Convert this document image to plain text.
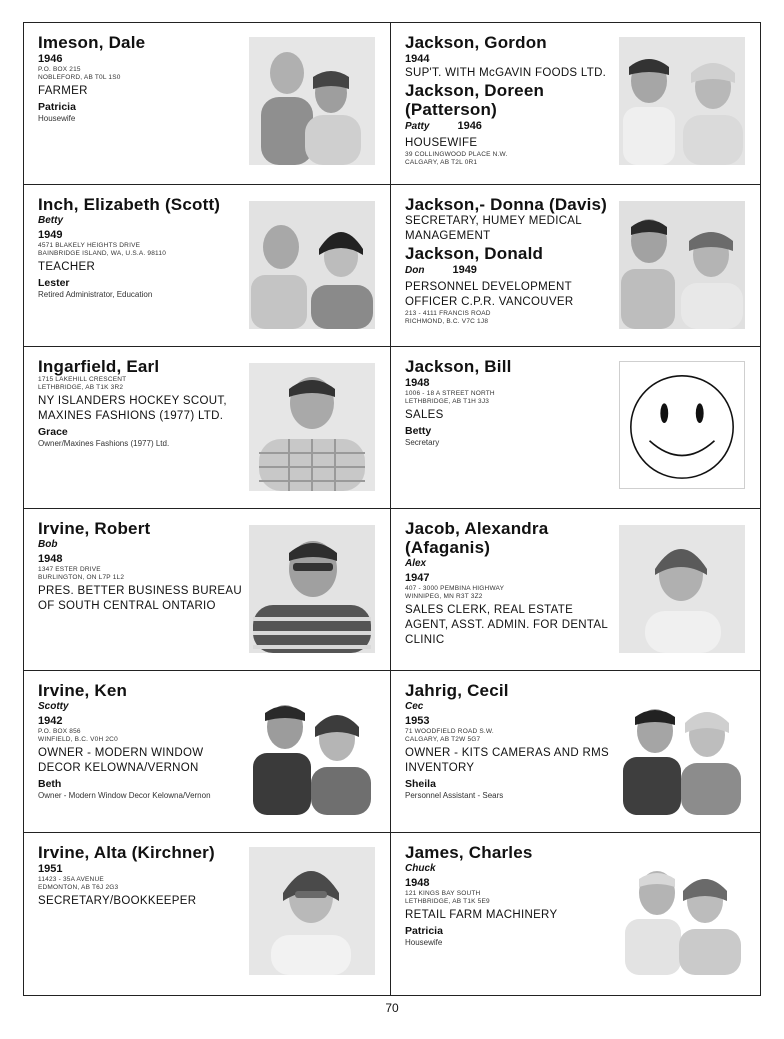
Imeson, Dale
1946
P.O. BOX 215
NOBLEFORD, AB T0L 1S0
FARMER
Patricia
Housewife
Jackson, Gordon
1944
SUP'T. WITH McGAVIN FOODS LTD.
Jackson, Doreen (Patterson)
Patty	1946
HOUSEWIFE
39 COLLINGWOOD PLACE N.W.
CALGARY, AB T2L 0R1
Inch, Elizabeth (Scott)
Betty
1949
4571 BLAKELY HEIGHTS DRIVE
BAINBRIDGE ISLAND, WA, U.S.A. 98110
TEACHER
Lester
Retired Administrator, Education
Jackson,- Donna (Davis)
SECRETARY, HUMEY MEDICAL MANAGEMENT
Jackson, Donald
Don	1949
PERSONNEL DEVELOPMENT OFFICER C.P.R. VANCOUVER
213 - 4111 FRANCIS ROAD
RICHMOND, B.C. V7C 1J8
Ingarfield, Earl
1715 LAKEHILL CRESCENT
LETHBRIDGE, AB T1K 3R2
NY ISLANDERS HOCKEY SCOUT, MAXINES FASHIONS (1977) LTD.
Grace
Owner/Maxines Fashions (1977) Ltd.
Jackson, Bill
1948
1006 - 18 A STREET NORTH
LETHBRIDGE, AB T1H 3J3
SALES
Betty
Secretary
Irvine, Robert
Bob
1948
1347 ESTER DRIVE
BURLINGTON, ON L7P 1L2
PRES. BETTER BUSINESS BUREAU OF SOUTH CENTRAL ONTARIO
Jacob, Alexandra (Afaganis)
Alex
1947
407 - 3000 PEMBINA HIGHWAY
WINNIPEG, MN R3T 3Z2
SALES CLERK, REAL ESTATE AGENT, ASST. ADMIN. FOR DENTAL CLINIC
Irvine, Ken
Scotty
1942
P.O. BOX 856
WINFIELD, B.C. V0H 2C0
OWNER - MODERN WINDOW DECOR KELOWNA/VERNON
Beth
Owner - Modern Window Decor Kelowna/Vernon
Jahrig, Cecil
Cec
1953
71 WOODFIELD ROAD S.W.
CALGARY, AB T2W 5G7
OWNER - KITS CAMERAS AND RMS INVENTORY
Sheila
Personnel Assistant - Sears
Irvine, Alta (Kirchner)
1951
11423 - 35A AVENUE
EDMONTON, AB T6J 2G3
SECRETARY/BOOKKEEPER
James, Charles
Chuck
1948
121 KINGS BAY SOUTH
LETHBRIDGE, AB T1K 5E9
RETAIL FARM MACHINERY
Patricia
Housewife
70
